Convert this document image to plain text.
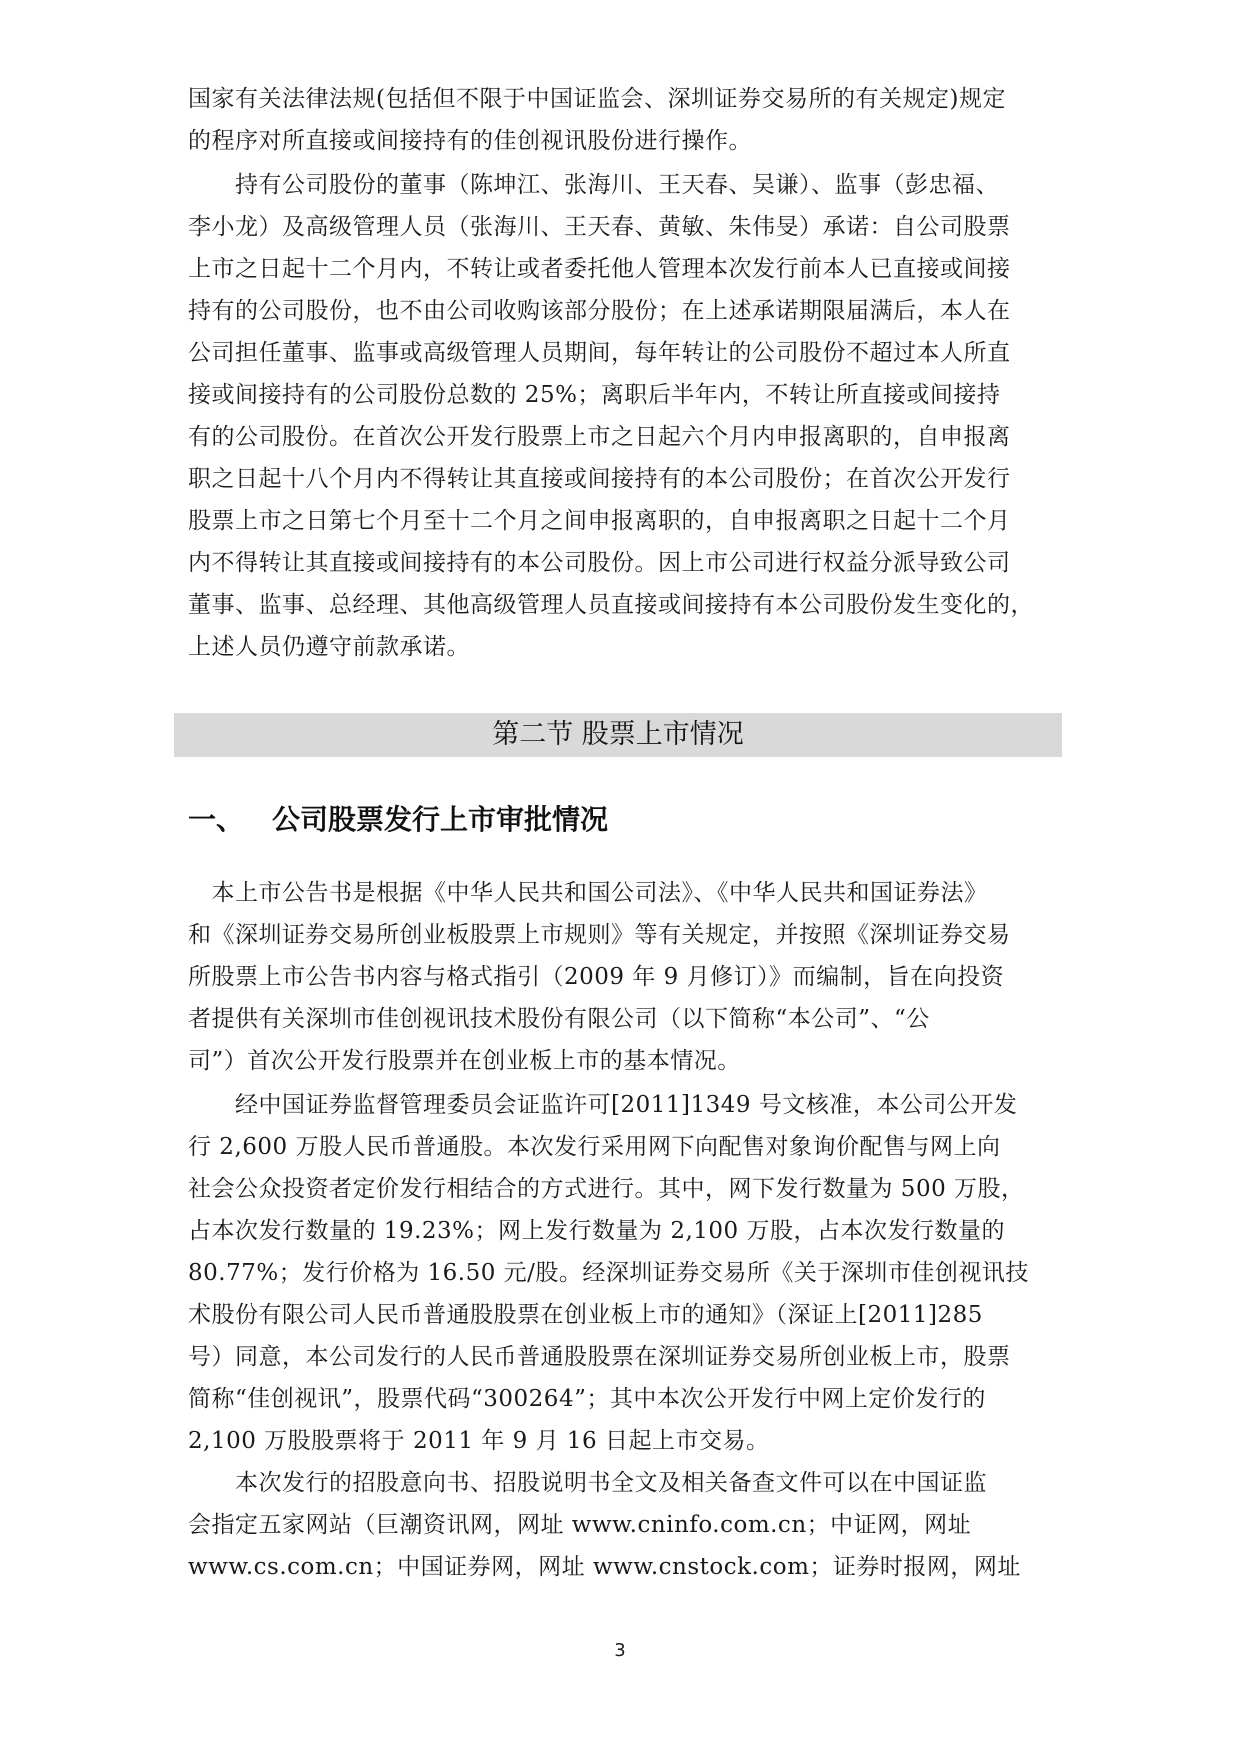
国家有关法律法规(包括但不限于中国证监会、深圳证券交易所的有关规定)规定
的程序对所直接或间接持有的佳创视讯股份进行操作。
　　持有公司股份的董事（陈坤江、张海川、王天春、吴谦）、监事（彭忠福、
李小龙）及高级管理人员（张海川、王天春、黄敏、朱伟旻）承诺：自公司股票
上市之日起十二个月内，不转让或者委托他人管理本次发行前本人已直接或间接
持有的公司股份，也不由公司收购该部分股份；在上述承诺期限届满后，本人在
公司担任董事、监事或高级管理人员期间，每年转让的公司股份不超过本人所直
接或间接持有的公司股份总数的 25%；离职后半年内，不转让所直接或间接持
有的公司股份。在首次公开发行股票上市之日起六个月内申报离职的，自申报离
职之日起十八个月内不得转让其直接或间接持有的本公司股份；在首次公开发行
股票上市之日第七个月至十二个月之间申报离职的，自申报离职之日起十二个月
内不得转让其直接或间接持有的本公司股份。因上市公司进行权益分派导致公司
董事、监事、总经理、其他高级管理人员直接或间接持有本公司股份发生变化的，
上述人员仍遵守前款承诺。
第二节 股票上市情况
一、 公司股票发行上市审批情况
　本上市公告书是根据《中华人民共和国公司法》、《中华人民共和国证券法》
和《深圳证券交易所创业板股票上市规则》等有关规定，并按照《深圳证券交易
所股票上市公告书内容与格式指引（2009 年 9 月修订）》而编制，旨在向投资
者提供有关深圳市佳创视讯技术股份有限公司（以下简称“本公司”、“公
司”）首次公开发行股票并在创业板上市的基本情况。
　　经中国证券监督管理委员会证监许可[2011]1349 号文核准，本公司公开发
行 2,600 万股人民币普通股。本次发行采用网下向配售对象询价配售与网上向
社会公众投资者定价发行相结合的方式进行。其中，网下发行数量为 500 万股，
占本次发行数量的 19.23%；网上发行数量为 2,100 万股，占本次发行数量的
80.77%；发行价格为 16.50 元/股。经深圳证券交易所《关于深圳市佳创视讯技
术股份有限公司人民币普通股股票在创业板上市的通知》（深证上[2011]285
号）同意，本公司发行的人民币普通股股票在深圳证券交易所创业板上市，股票
简称“佳创视讯”，股票代码“300264”；其中本次公开发行中网上定价发行的
2,100 万股股票将于 2011 年 9 月 16 日起上市交易。
　　本次发行的招股意向书、招股说明书全文及相关备查文件可以在中国证监
会指定五家网站（巨潮资讯网，网址 www.cninfo.com.cn；中证网，网址
www.cs.com.cn；中国证券网，网址 www.cnstock.com；证券时报网，网址
3
